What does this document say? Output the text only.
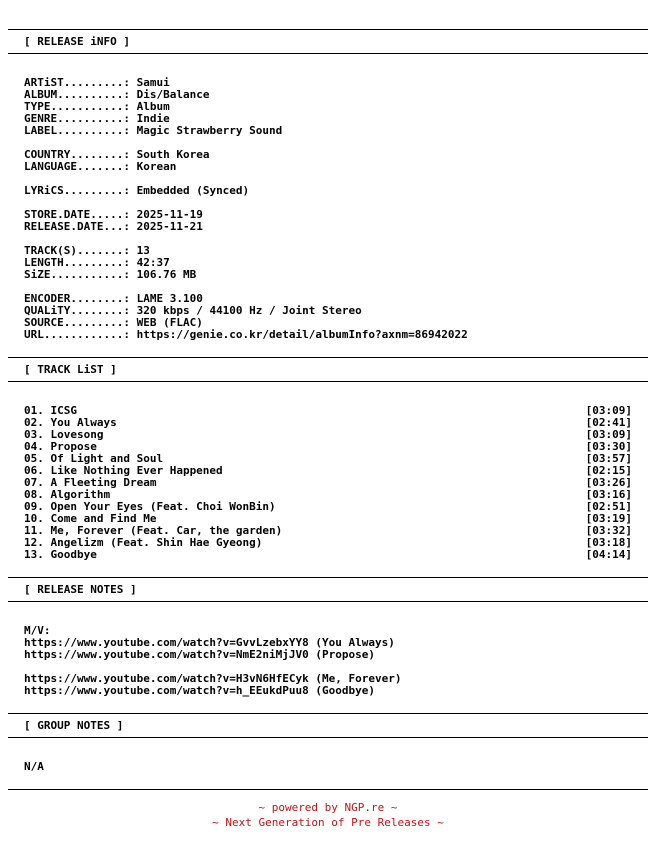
[ RELEASE iNFO ]
ARTiST.........: Samui
ALBUM..........: Dis/Balance
TYPE...........: Album
GENRE..........: Indie
LABEL..........: Magic Strawberry Sound
COUNTRY........: South Korea
LANGUAGE.......: Korean
LYRiCS.........: Embedded (Synced)
STORE.DATE.....: 2025-11-19
RELEASE.DATE...: 2025-11-21
TRACK(S).......: 13
LENGTH.........: 42:37
SiZE...........: 106.76 MB
ENCODER........: LAME 3.100
QUALiTY........: 320 kbps / 44100 Hz / Joint Stereo
SOURCE.........: WEB (FLAC)
URL............: https://genie.co.kr/detail/albumInfo?axnm=86942022
[ TRACK LiST ]
01. ICSG	[03:09]
02. You Always	[02:41]
03. Lovesong	[03:09]
04. Propose	[03:30]
05. Of Light and Soul	[03:57]
06. Like Nothing Ever Happened	[02:15]
07. A Fleeting Dream	[03:26]
08. Algorithm	[03:16]
09. Open Your Eyes (Feat. Choi WonBin)	[02:51]
10. Come and Find Me	[03:19]
11. Me, Forever (Feat. Car, the garden)	[03:32]
12. Angelizm (Feat. Shin Hae Gyeong)	[03:18]
13. Goodbye	[04:14]
[ RELEASE NOTES ]
M/V:
https://www.youtube.com/watch?v=GvvLzebxYY8 (You Always)
https://www.youtube.com/watch?v=NmE2niMjJV0 (Propose)
https://www.youtube.com/watch?v=H3vN6HfECyk (Me, Forever)
https://www.youtube.com/watch?v=h_EEukdPuu8 (Goodbye)
[ GROUP NOTES ]
N/A
~ powered by NGP.re ~
~ Next Generation of Pre Releases ~
